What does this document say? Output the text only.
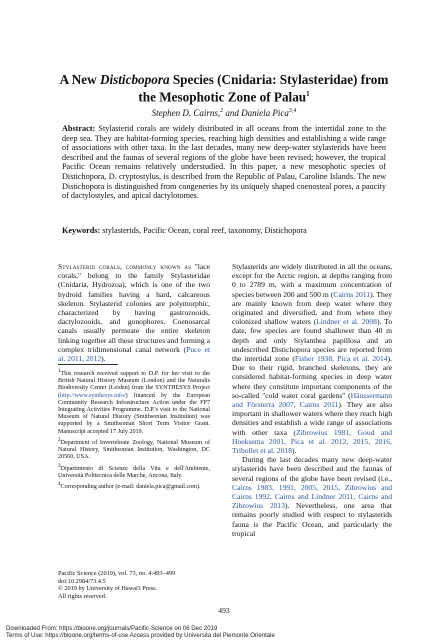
A New Disticbopora Species (Cnidaria: Stylasteridae) from
the Mesophotic Zone of Palau$^1$
Stephen D. Cairns,$^2$ and Daniela Pica$^{3,4}$
Abstract: Stylasterid corals are widely distributed in all oceans from the intertidal zone to the deep sea. They are habitat-forming species, reaching high densities and establishing a wide range of associations with other taxa. In the last decades, many new deep-water stylasterids have been described and the faunas of several regions of the globe have been revised; however, the tropical Pacific Ocean remains relatively understudied. In this paper, a new mesophotic species of Distichopora, D. cryptostylus, is described from the Republic of Palau, Caroline Islands. The new Distichopora is distinguished from congeneries by its uniquely shaped coenosteal pores, a paucity of dactylostyles, and apical dactylotomes.
Keywords: stylasterids, Pacific Ocean, coral reef, taxonomy, Distichopora
Stylasterid corals, commonly known as "lace corals," belong to the family Stylasteridae (Cnidaria, Hydrozoa), which is one of the two hydroid families having a hard, calcareous skeleton. Stylasterid colonies are polymorphic, characterized by having gastrozooids, dactylozooids, and gonophores. Coenosarcal canals usually permeate the entire skeleton linking together all these structures and forming a complex tridimensional canal network (Puce et al. 2011, 2012).

$^1$This research received support to D.P. for her visit to the British Natural History Museum (London) and the Naturalis Biodiversity Center (Leiden) from the SYNTHESYS Project (http://www.synthesys.info/) financed by the European Community Research Infrastructure Action under the FP7 Integrating Activities Programme. D.P.'s visit to the National Museum of Natural History (Smithsonian Institution) was supported by a Smithsonian Short Term Visitor Grant. Manuscript accepted 17 July 2019.

$^2$Department of Invertebrate Zoology, National Museum of Natural History, Smithsonian Institution, Washington, DC 20560, USA.

$^3$Dipartimento di Scienze della Vita e dell'Ambiente, Università Politecnica delle Marche, Ancona, Italy.

$^4$Corresponding author (e-mail: daniela.pica@gmail.com).

Pacific Science (2019), vol. 73, no. 4:493–499

doi:10.2984/73.4.5

© 2019 by University of Hawai'i Press.

All rights reserved.

Stylasterids are widely distributed in all the oceans, except for the Arctic region, at depths ranging from 0 to 2789 m, with a maximum concentration of species between 200 and 500 m (Cairns 2011). They are mainly known from deep water where they originated and diversified, and from where they colonized shallow waters (Lindner et al. 2008). To date, few species are found shallower than 40 m depth and only Stylanthea papillosa and an undescribed Distichopora species are reported from the intertidal zone (Fisher 1938, Pica et al. 2014). Due to their rigid, branched skeletons, they are considered habitat-forming species in deep water where they constitute important components of the so-called "cold water coral gardens" (Häussermann and Försterra 2007, Cairns 2011). They are also important in shallower waters where they reach high densities and establish a wide range of associations with other taxa (Zibrowius 1981, Goud and Hoeksema 2001, Pica et al. 2012, 2015, 2016, Tribollet et al. 2018).
During the last decades many new deep-water stylasterids have been described and the faunas of several regions of the globe have been revised (i.e., Cairns 1983, 1991, 2005, 2015, Zibrowius and Cairns 1992, Cairns and Lindner 2011, Cairns and Zibrowius 2013). Nevertheless, one area that remains poorly studied with respect to stylasterids fauna is the Pacific Ocean, and particularly the tropical
493

Downloaded From: https://bioone.org/journals/Pacific-Science on 06 Dec 2019

Terms of Use: https://bioone.org/terms-of-use Access provided by Universita del Piemonte Orientale
